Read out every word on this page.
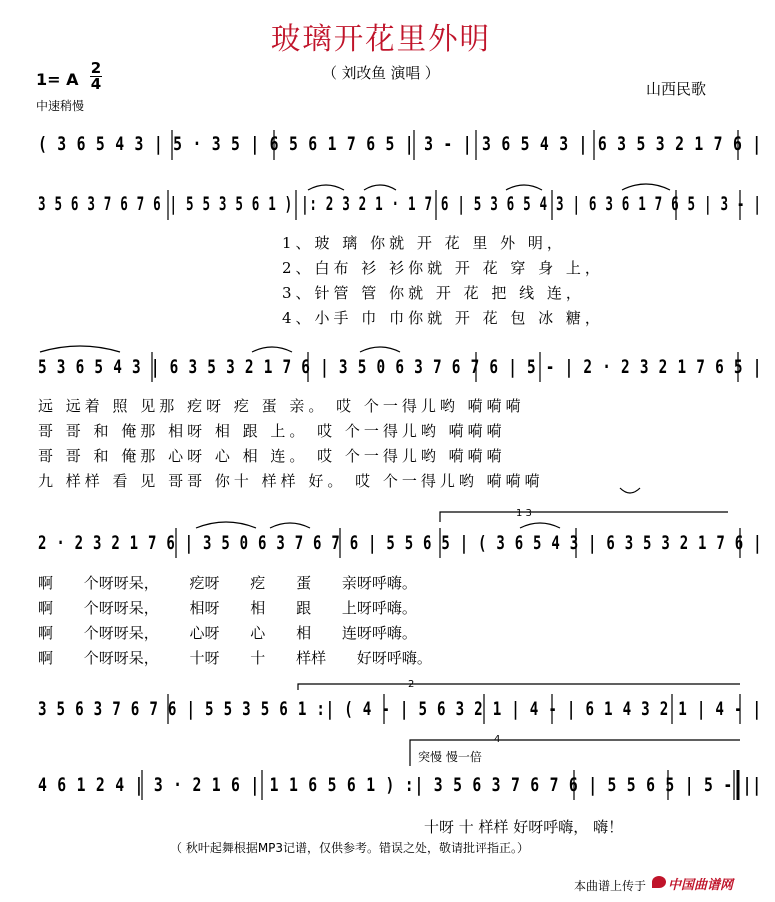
玻璃开花里外明
（ 刘改鱼 演唱 ）
1= A
2
4
中速稍慢
山西民歌
( 3 6 5 4 3 | 5 · 3 5 | 6 5 6 1 7 6 5 | 3 - | 3 6 5 4 3 | 6 3 5 3 2 1 7 6 |
3 5 6 3 7 6 7 6 | 5 5 3 5 6 1 ) |: 2 3 2 1 · 1 7 6 | 5 3 6 5 4 3 | 6 3 6 1 7 6 5 | 3 - |
1、玻 璃 你就 开 花 里 外 明，
2、白布 衫 衫你就 开 花 穿 身 上，
3、针管 管 你就 开 花 把 线 连，
4、小手 巾 巾你就 开 花 包 冰 糖，
5 3 6 5 4 3 | 6 3 5 3 2 1 7 6 | 3 5 0 6 3 7 6 7 6 | 5 - | 2 · 2 3 2 1 7 6 5 |
远 远着 照 见那 疙呀 疙 蛋 亲。 哎 个一得儿哟 嗬嗬嗬
哥 哥 和 俺那 相呀 相 跟 上。 哎 个一得儿哟 嗬嗬嗬
哥 哥 和 俺那 心呀 心 相 连。 哎 个一得儿哟 嗬嗬嗬
九 样样 看 见 哥哥 你十 样样 好。 哎 个一得儿哟 嗬嗬嗬
1 3
2 · 2 3 2 1 7 6 | 3 5 0 6 3 7 6 7 6 | 5 5 6 5 | ( 3 6 5 4 3 | 6 3 5 3 2 1 7 6 |
啊 个呀呀呆， 疙呀 疙 蛋 亲呀呼嗨。
啊 个呀呀呆， 相呀 相 跟 上呀呼嗨。
啊 个呀呀呆， 心呀 心 相 连呀呼嗨。
啊 个呀呀呆， 十呀 十 样样 好呀呼嗨。
2
3 5 6 3 7 6 7 6 | 5 5 3 5 6 1 :| ( 4 - | 5 6 3 2 1 | 4 - | 6 1 4 3 2 1 | 4 - |
4
突慢 慢一倍
4 6 1 2 4 | 3 · 2 1 6 | 1 1 6 5 6 1 ) :| 3 5 6 3 7 6 7 6 | 5 5 6 5 | 5 - ||
十呀 十 样样 好呀呼嗨， 嗨！
（ 秋叶起舞根据MP3记谱，仅供参考。错误之处，敬请批评指正。）
本曲谱上传于 中国曲谱网
